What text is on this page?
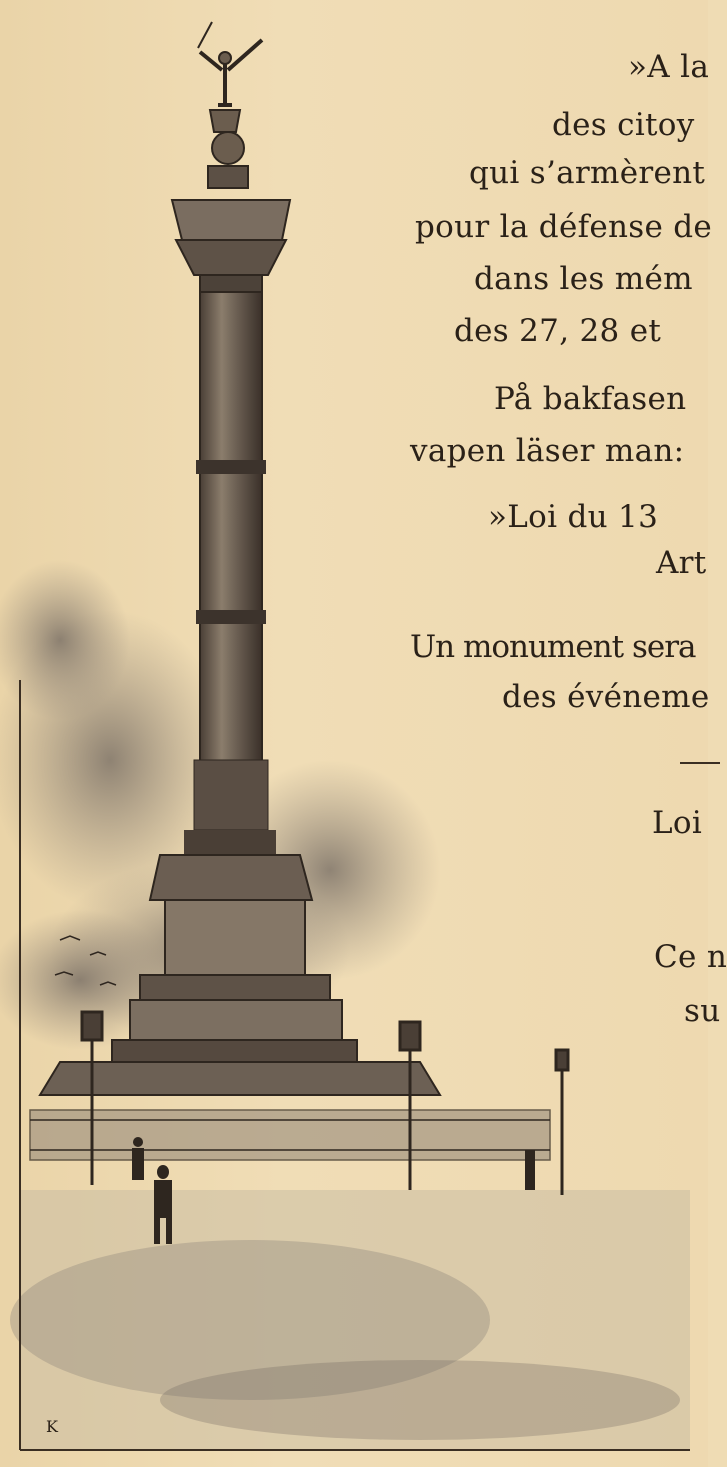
K
»A la
des citoy
qui s’armèrent
pour la défense de
dans les mém
des 27, 28 et
På bakfasen
vapen läser man:
»Loi du 13
Art
Un monument sera
des événeme
Loi
Ce n
su
